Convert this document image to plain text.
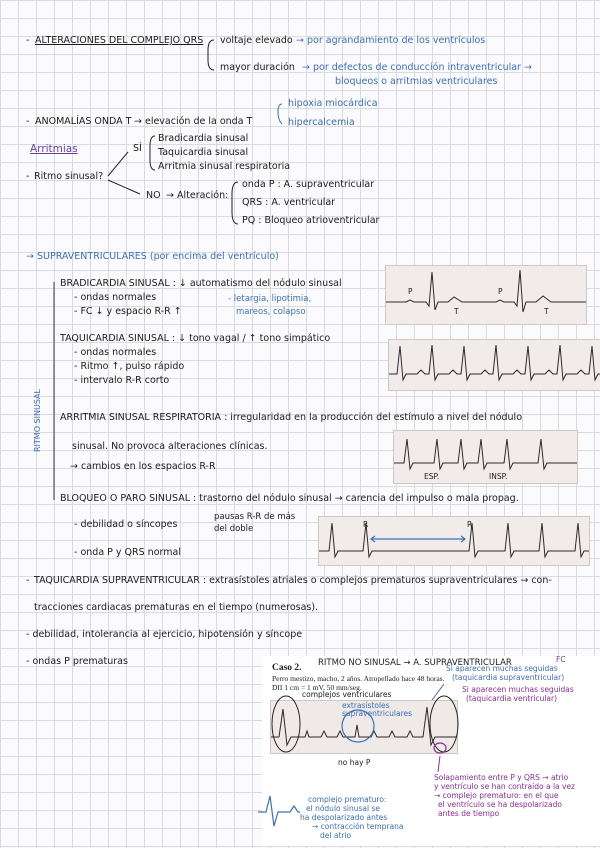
- ALTERACIONES DEL COMPLEJO QRS voltaje elevado → por agrandamiento de los ventrículos
mayor duración → por defectos de conducción intraventricular →
bloqueos o arritmias ventriculares
- ANOMALÍAS ONDA T → elevación de la onda T
hipoxia miocárdica
hipercalcemia
Arritmias
- Ritmo sinusal?
SÍ
Bradicardia sinusal
Taquicardia sinusal
Arritmia sinusal respiratoria
NO → Alteración:
onda P : A. supraventricular
QRS : A. ventricular
PQ : Bloqueo atrioventricular
→ SUPRAVENTRICULARES (por encima del ventrículo)
RITMO SINUSAL
BRADICARDIA SINUSAL : ↓ automatismo del nódulo sinusal
- ondas normales
- FC ↓ y espacio R-R ↑
- letargia, lipotimia,
mareos, colapso
P
T
P
T
TAQUICARDIA SINUSAL : ↓ tono vagal / ↑ tono simpático
- ondas normales
- Ritmo ↑, pulso rápido
- intervalo R-R corto
ARRITMIA SINUSAL RESPIRATORIA : irregularidad en la producción del estímulo a nivel del nódulo
sinusal. No provoca alteraciones clínicas.
→ cambios en los espacios R-R
ESP.	INSP.
BLOQUEO O PARO SINUSAL : trastorno del nódulo sinusal → carencia del impulso o mala propag.
- debilidad o síncopes
pausas R-R de más
del doble
- onda P y QRS normal
R	R
- TAQUICARDIA SUPRAVENTRICULAR : extrasístoles atriales o complejos prematuros supraventriculares → con-
tracciones cardiacas prematuras en el tiempo (numerosas).
- debilidad, intolerancia al ejercicio, hipotensión y síncope
- ondas P prematuras	RITMO NO SINUSAL → A. SUPRAVENTRICULAR
Caso 2.
Perro mestizo, macho, 2 años. Atropellado hace 48 horas.
DII 1 cm = 1 mV, 50 mm/seg.
complejos ventriculares
extrasístoles
supraventriculares
no hay P
FC
Si aparecen muchas seguidas
(taquicardia supraventricular)
Si aparecen muchas seguidas
(taquicardia ventricular)
Solapamiento entre P y QRS → atrio
y ventrículo se han contraído a la vez
→ complejo prematuro: en el que
el ventrículo se ha despolarizado
antes de tiempo
complejo prematuro:
el nódulo sinusal se
ha despolarizado antes
→ contracción temprana
del atrio
